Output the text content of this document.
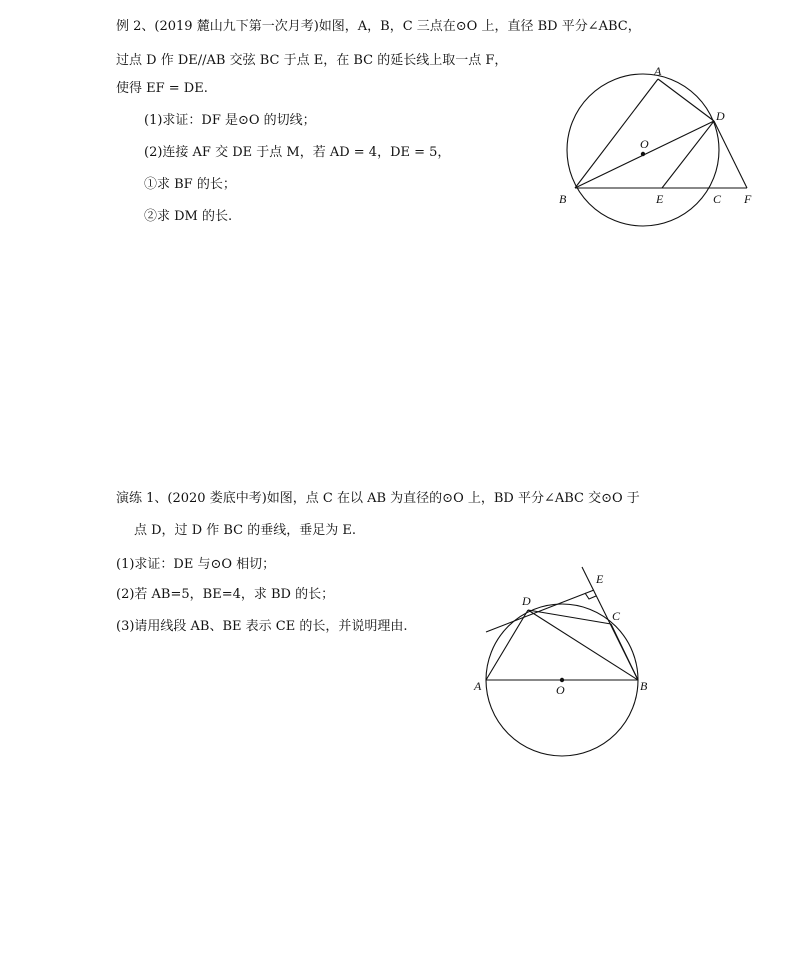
例 2、(2019 麓山九下第一次月考)如图，A，B，C 三点在⊙O 上，直径 BD 平分∠ABC，
过点 D 作 DE//AB 交弦 BC 于点 E，在 BC 的延长线上取一点 F，
使得 EF = DE.
(1)求证：DF 是⊙O 的切线；
(2)连接 AF 交 DE 于点 M，若 AD = 4，DE = 5，
①求 BF 的长；
②求 DM 的长.
A
D
O
B	E	C F
演练 1、(2020 娄底中考)如图，点 C 在以 AB 为直径的⊙O 上，BD 平分∠ABC 交⊙O 于
点 D，过 D 作 BC 的垂线，垂足为 E.
(1)求证：DE 与⊙O 相切；
(2)若 AB=5，BE=4，求 BD 的长；
(3)请用线段 AB、BE 表示 CE 的长，并说明理由.
E
D
C
A	O	B
